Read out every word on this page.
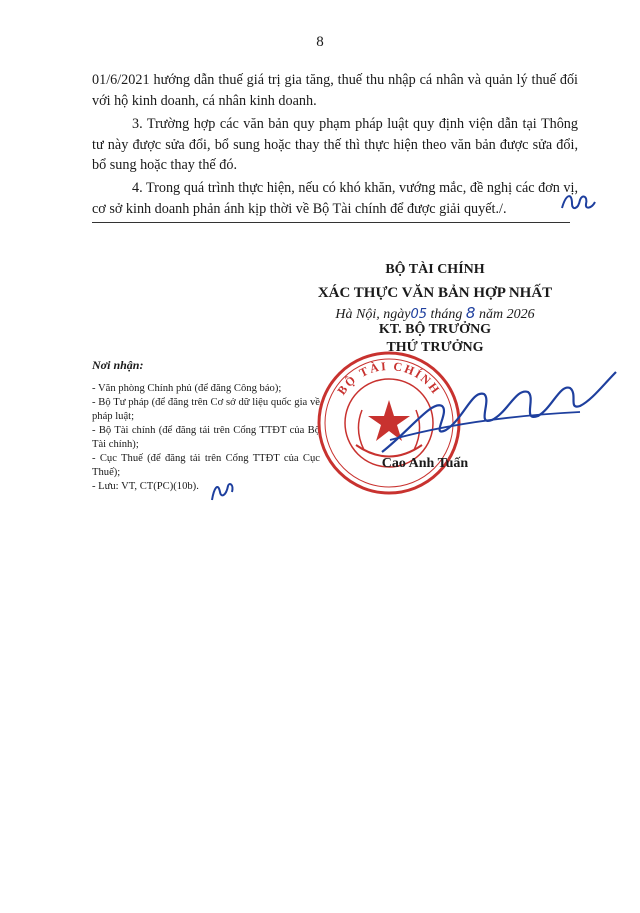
8
01/6/2021 hướng dẫn thuế giá trị gia tăng, thuế thu nhập cá nhân và quản lý thuế đối với hộ kinh doanh, cá nhân kinh doanh.
3. Trường hợp các văn bản quy phạm pháp luật quy định viện dẫn tại Thông tư này được sửa đổi, bổ sung hoặc thay thế thì thực hiện theo văn bản được sửa đổi, bổ sung hoặc thay thế đó.
4. Trong quá trình thực hiện, nếu có khó khăn, vướng mắc, đề nghị các đơn vị, cơ sở kinh doanh phản ánh kịp thời về Bộ Tài chính để được giải quyết./.
BỘ TÀI CHÍNH
XÁC THỰC VĂN BẢN HỢP NHẤT
Hà Nội, ngày05 tháng 8 năm 2026
KT. BỘ TRƯỞNG
THỨ TRƯỞNG
Nơi nhận:
- Văn phòng Chính phủ (để đăng Công báo);
- Bộ Tư pháp (để đăng trên Cơ sở dữ liệu quốc gia về pháp luật;
- Bộ Tài chính (để đăng tải trên Cổng TTĐT của Bộ Tài chính);
- Cục Thuế (để đăng tải trên Cổng TTĐT của Cục Thuế);
- Lưu: VT, CT(PC)(10b).
BỘ TÀI CHÍNH
Cao Anh Tuấn
